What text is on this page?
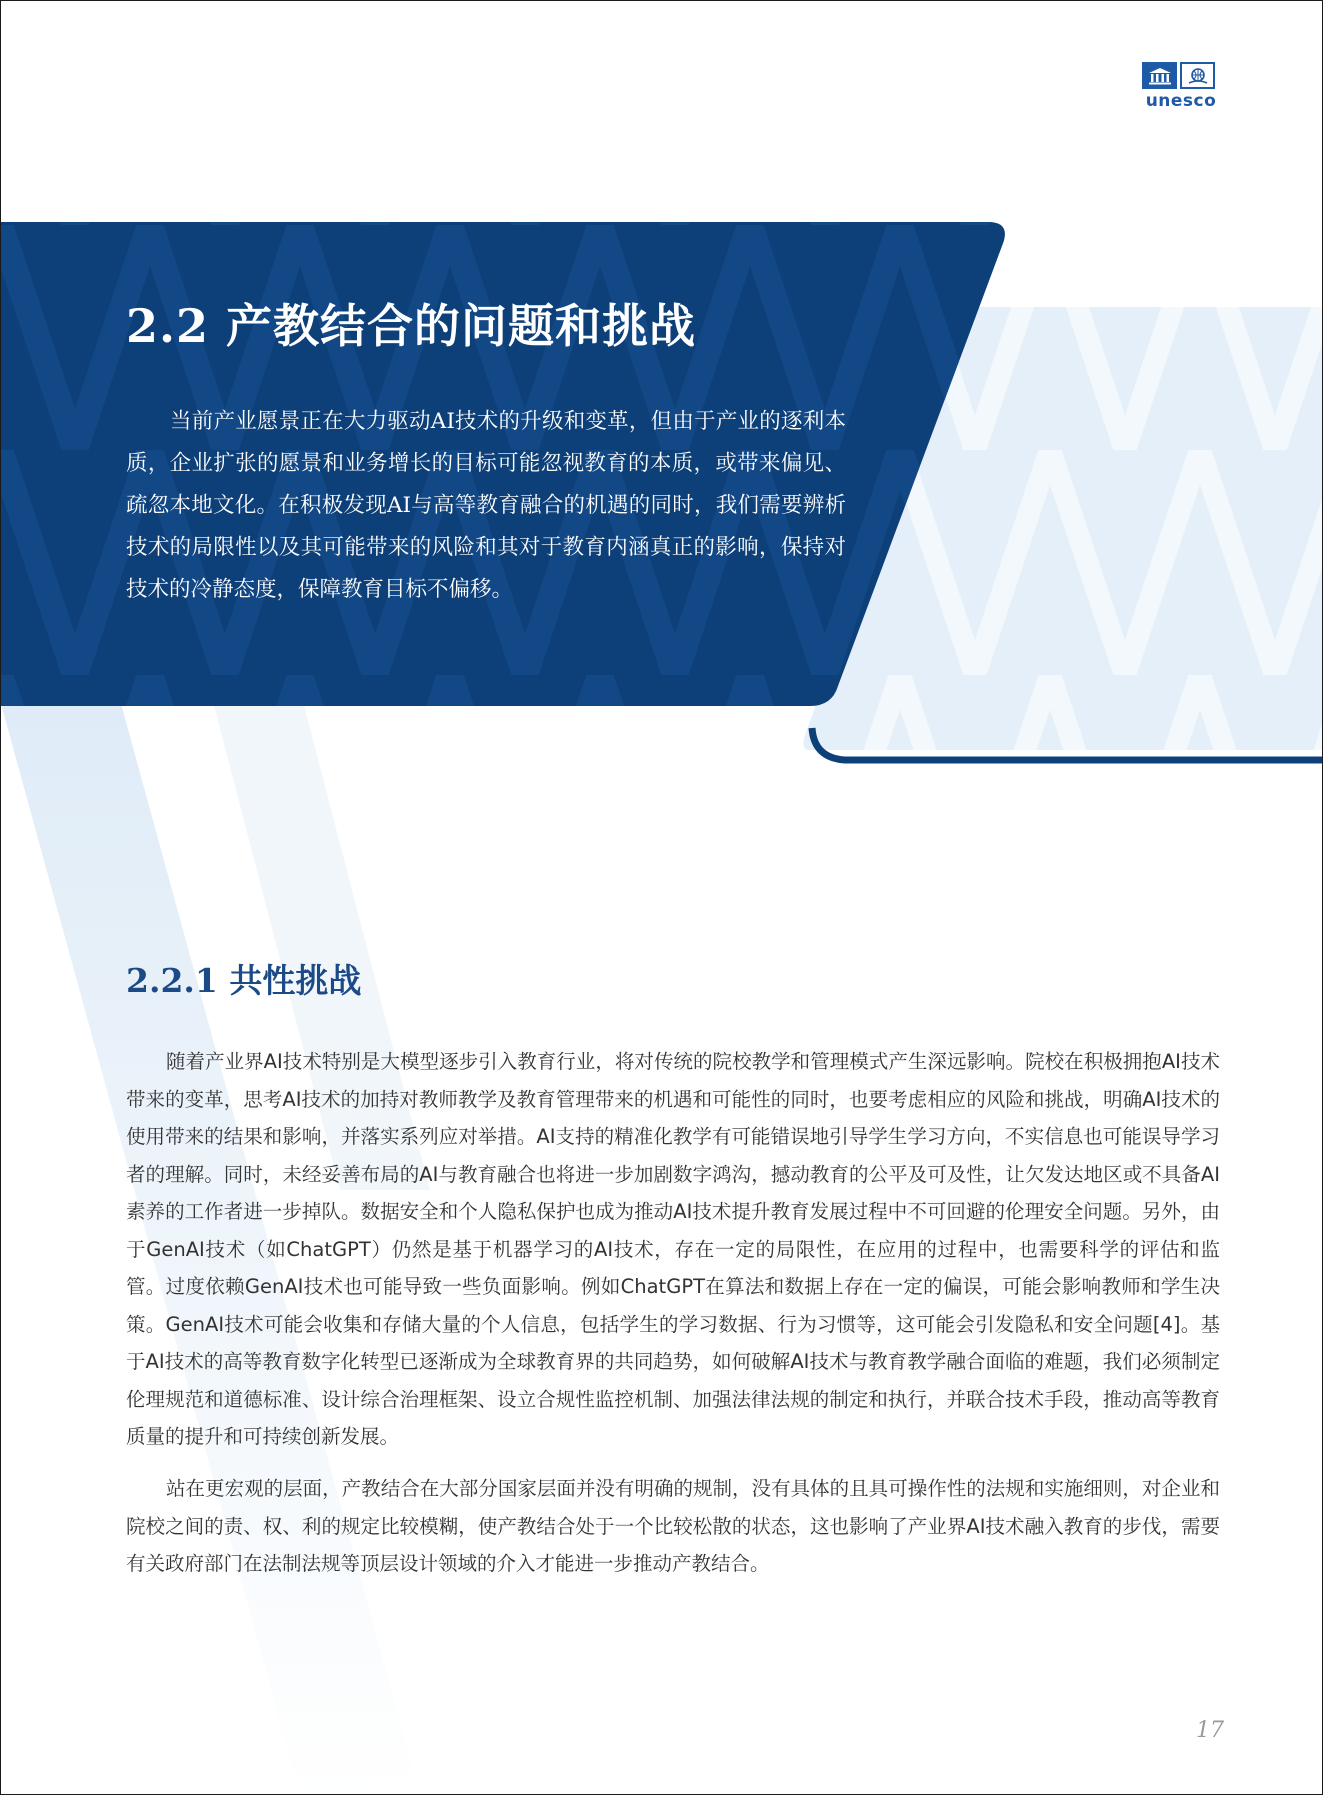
unesco
2.2 产教结合的问题和挑战

当前产业愿景正在大力驱动AI技术的升级和变革，但由于产业的逐利本质，企业扩张的愿景和业务增长的目标可能忽视教育的本质，或带来偏见、疏忽本地文化。在积极发现AI与高等教育融合的机遇的同时，我们需要辨析技术的局限性以及其可能带来的风险和其对于教育内涵真正的影响，保持对技术的冷静态度，保障教育目标不偏移。

2.2.1 共性挑战

随着产业界AI技术特别是大模型逐步引入教育行业，将对传统的院校教学和管理模式产生深远影响。院校在积极拥抱AI技术带来的变革，思考AI技术的加持对教师教学及教育管理带来的机遇和可能性的同时，也要考虑相应的风险和挑战，明确AI技术的使用带来的结果和影响，并落实系列应对举措。AI支持的精准化教学有可能错误地引导学生学习方向，不实信息也可能误导学习者的理解。同时，未经妥善布局的AI与教育融合也将进一步加剧数字鸿沟，撼动教育的公平及可及性，让欠发达地区或不具备AI素养的工作者进一步掉队。数据安全和个人隐私保护也成为推动AI技术提升教育发展过程中不可回避的伦理安全问题。另外，由于GenAI技术（如ChatGPT）仍然是基于机器学习的AI技术，存在一定的局限性，在应用的过程中，也需要科学的评估和监管。过度依赖GenAI技术也可能导致一些负面影响。例如ChatGPT在算法和数据上存在一定的偏误，可能会影响教师和学生决策。GenAI技术可能会收集和存储大量的个人信息，包括学生的学习数据、行为习惯等，这可能会引发隐私和安全问题[4]。基于AI技术的高等教育数字化转型已逐渐成为全球教育界的共同趋势，如何破解AI技术与教育教学融合面临的难题，我们必须制定伦理规范和道德标准、设计综合治理框架、设立合规性监控机制、加强法律法规的制定和执行，并联合技术手段，推动高等教育质量的提升和可持续创新发展。

站在更宏观的层面，产教结合在大部分国家层面并没有明确的规制，没有具体的且具可操作性的法规和实施细则，对企业和院校之间的责、权、利的规定比较模糊，使产教结合处于一个比较松散的状态，这也影响了产业界AI技术融入教育的步伐，需要有关政府部门在法制法规等顶层设计领域的介入才能进一步推动产教结合。

17
